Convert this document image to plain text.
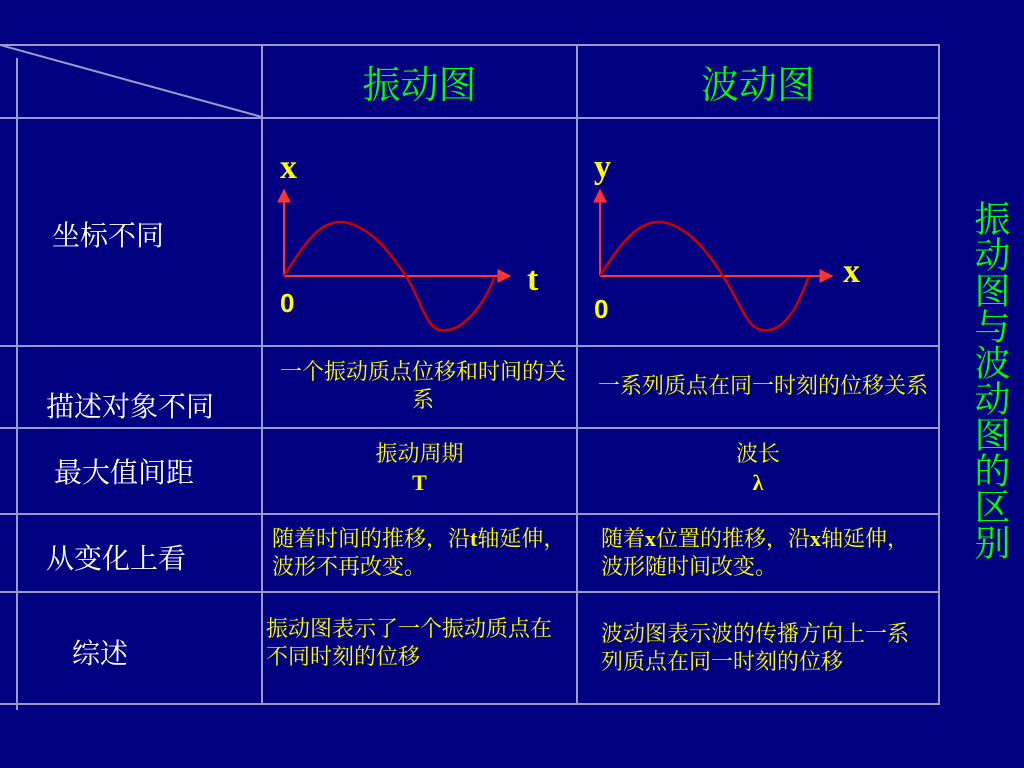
振动图	波动图
坐标不同
描述对象不同
最大值间距
从变化上看
综述
x
t
0
y
x
0
一个振动质点位移和时间的关系
一系列质点在同一时刻的位移关系
振动周期
T
波长
λ
随着时间的推移，沿t轴延伸，波形不再改变。
随着x位置的推移，沿x轴延伸，波形随时间改变。
振动图表示了一个振动质点在不同时刻的位移
波动图表示波的传播方向上一系列质点在同一时刻的位移
振动图与波动图的区别
